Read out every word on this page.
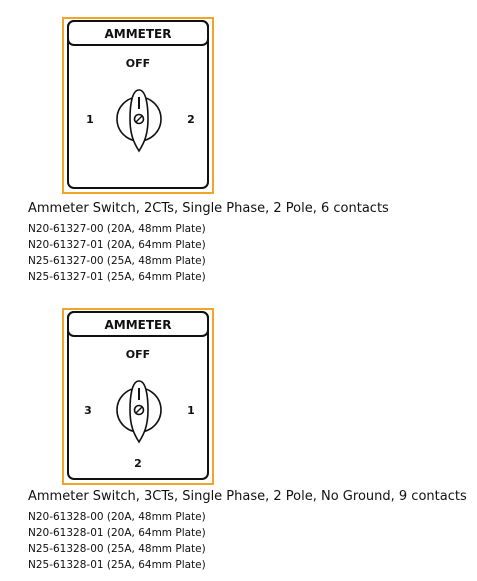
AMMETER
OFF
1	2
Ammeter Switch, 2CTs, Single Phase, 2 Pole, 6 contacts
N20-61327-00 (20A, 48mm Plate)
N20-61327-01 (20A, 64mm Plate)
N25-61327-00 (25A, 48mm Plate)
N25-61327-01 (25A, 64mm Plate)
AMMETER
OFF
3	1
2
Ammeter Switch, 3CTs, Single Phase, 2 Pole, No Ground, 9 contacts
N20-61328-00 (20A, 48mm Plate)
N20-61328-01 (20A, 64mm Plate)
N25-61328-00 (25A, 48mm Plate)
N25-61328-01 (25A, 64mm Plate)
